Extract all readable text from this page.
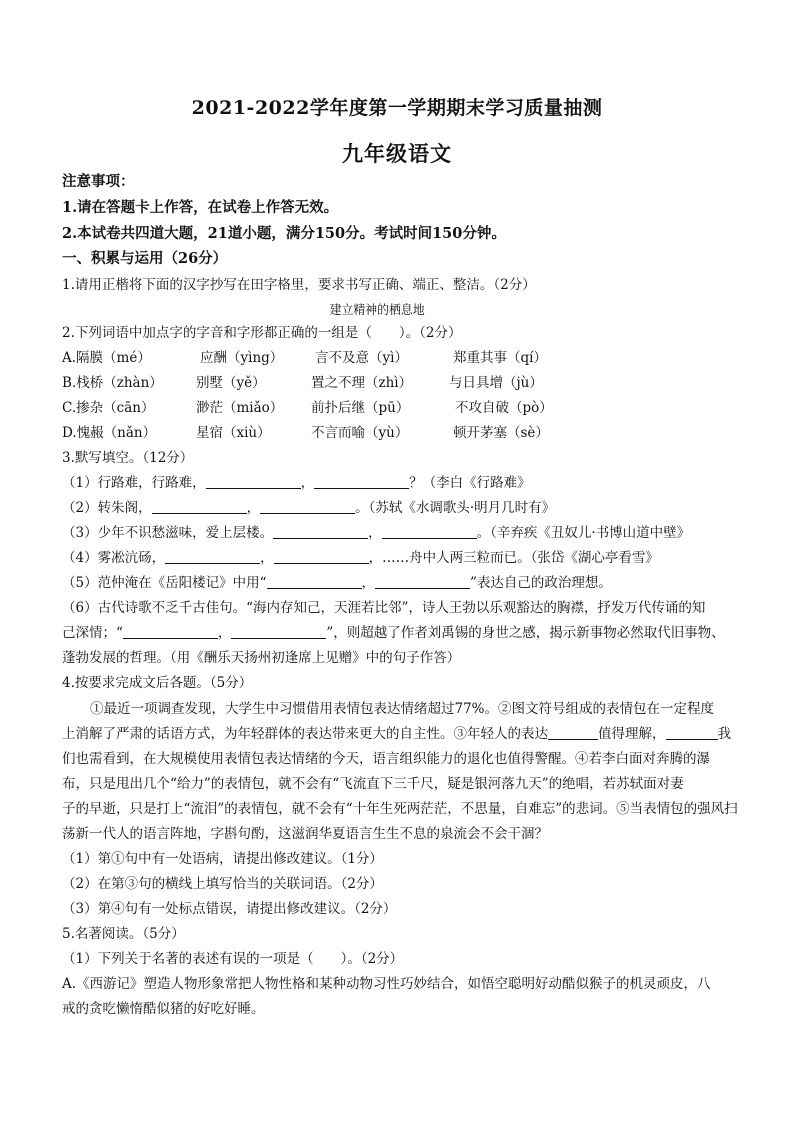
2021-2022学年度第一学期期末学习质量抽测
九年级语文
注意事项：
1.请在答题卡上作答，在试卷上作答无效。
2.本试卷共四道大题，21道小题，满分150分。考试时间150分钟。
一、积累与运用（26分）
1.请用正楷将下面的汉字抄写在田字格里，要求书写正确、端正、整洁。（2分）
建立精神的栖息地
2.下列词语中加点字的字音和字形都正确的一组是（　　）。（2分）
A.隔膜（mé）	应酬（yìng） 言不及意（yì）	郑重其事（qí）
B.栈桥（zhàn） 别墅（yě）	置之不理（zhì）	与日具增（jù）
C.掺杂（cān）	渺茫（miǎo） 前扑后继（pū）	不攻自破（pò）
D.愧赧（nǎn）	星宿（xiù）	不言而喻（yù）	顿开茅塞（sè）
3.默写填空。（12分）
（1）行路难，行路难，	，	？（李白《行路难》
（2）转朱阁，	，	。（苏轼《水调歌头·明月几时有》
（3）少年不识愁滋味，爱上层楼。	，	。（辛弃疾《丑奴儿·书博山道中壁》
（4）雾凇沆砀，	，	，……舟中人两三粒而已。（张岱《湖心亭看雪》
（5）范仲淹在《岳阳楼记》中用“	，	”表达自己的政治理想。
（6）古代诗歌不乏千古佳句。“海内存知己，天涯若比邻”，诗人王勃以乐观豁达的胸襟，抒发万代传诵的知
己深情；“	，	”，则超越了作者刘禹锡的身世之感，揭示新事物必然取代旧事物、
蓬勃发展的哲理。（用《酬乐天扬州初逢席上见赠》中的句子作答）
4.按要求完成文后各题。（5分）
①最近一项调查发现，大学生中习惯借用表情包表达情绪超过77%。②图文符号组成的表情包在一定程度
上消解了严肃的话语方式，为年轻群体的表达带来更大的自主性。③年轻人的表达	值得理解，	我
们也需看到，在大规模使用表情包表达情绪的今天，语言组织能力的退化也值得警醒。④若李白面对奔腾的瀑
布，只是甩出几个“给力”的表情包，就不会有“飞流直下三千尺，疑是银河落九天”的绝唱，若苏轼面对妻
子的早逝，只是打上“流泪”的表情包，就不会有“十年生死两茫茫，不思量，自难忘”的悲词。⑤当表情包的强风扫
荡新一代人的语言阵地，字斟句酌，这滋润华夏语言生生不息的泉流会不会干涸？
（1）第①句中有一处语病，请提出修改建议。（1分）
（2）在第③句的横线上填写恰当的关联词语。（2分）
（3）第④句有一处标点错误，请提出修改建议。（2分）
5.名著阅读。（5分）
（1）下列关于名著的表述有误的一项是（　　）。（2分）
A.《西游记》塑造人物形象常把人物性格和某种动物习性巧妙结合，如悟空聪明好动酷似猴子的机灵顽皮，八
戒的贪吃懒惰酷似猪的好吃好睡。
